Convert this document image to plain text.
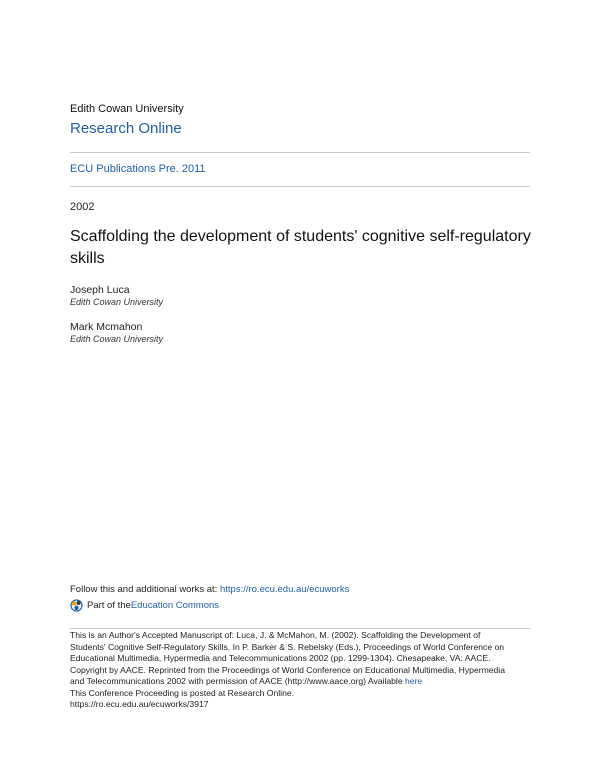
Edith Cowan University
Research Online
ECU Publications Pre. 2011
2002
Scaffolding the development of students' cognitive self-regulatory skills
Joseph Luca
Edith Cowan University
Mark Mcmahon
Edith Cowan University
Follow this and additional works at: https://ro.ecu.edu.au/ecuworks
Part of the Education Commons
This is an Author's Accepted Manuscript of: Luca, J. & McMahon, M. (2002). Scaffolding the Development of
Students' Cognitive Self-Regulatory Skills. In P. Barker & S. Rebelsky (Eds.), Proceedings of World Conference on
Educational Multimedia, Hypermedia and Telecommunications 2002 (pp. 1299-1304). Chesapeake, VA: AACE.
Copyright by AACE. Reprinted from the Proceedings of World Conference on Educational Multimedia, Hypermedia
and Telecommunications 2002 with permission of AACE (http://www.aace.org) Available here
This Conference Proceeding is posted at Research Online.
https://ro.ecu.edu.au/ecuworks/3917
